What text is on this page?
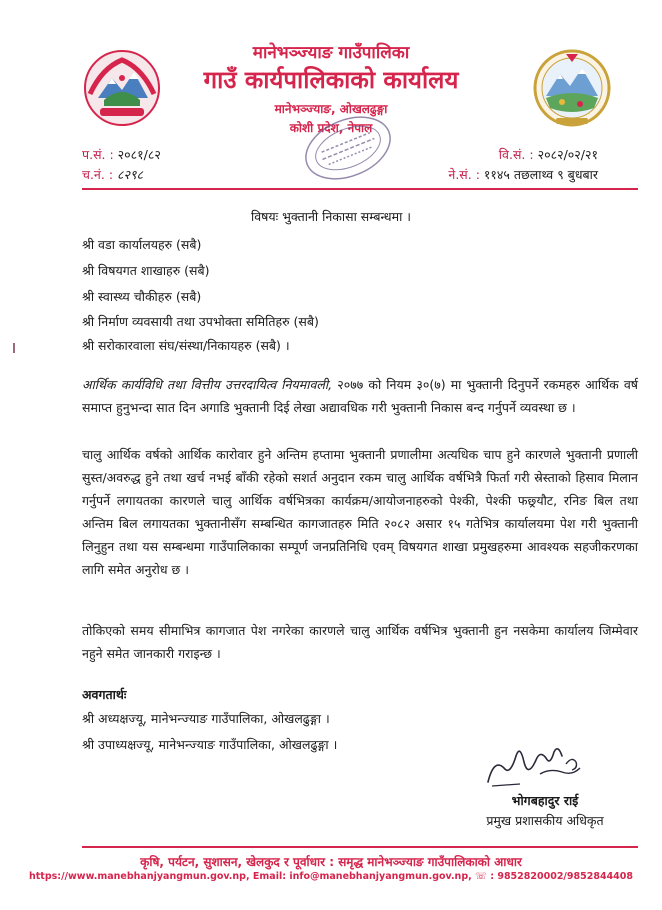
मानेभञ्ज्याङ गाउँपालिका
गाउँ कार्यपालिकाको कार्यालय
मानेभञ्ज्याङ, ओखलढुङ्गा
कोशी प्रदेश, नेपाल
प.सं. : २०८१/८२
च.नं. : ८२९८
वि.सं. : २०८२/०२/२१
ने.सं. : ११४५ तछलाथ्व ९ बुधबार
विषयः भुक्तानी निकासा सम्बन्धमा ।
श्री वडा कार्यालयहरु (सबै)
श्री विषयगत शाखाहरु (सबै)
श्री स्वास्थ्य चौकीहरु (सबै)
श्री निर्माण व्यवसायी तथा उपभोक्ता समितिहरु (सबै)
श्री सरोकारवाला संघ/संस्था/निकायहरु (सबै) ।

आर्थिक कार्यविधि तथा वित्तीय उत्तरदायित्व नियमावली, २०७७ को नियम ३०(७) मा भुक्तानी दिनुपर्ने रकमहरु आर्थिक वर्ष समाप्त हुनुभन्दा सात दिन अगाडि भुक्तानी दिई लेखा अद्यावधिक गरी भुक्तानी निकास बन्द गर्नुपर्ने व्यवस्था छ ।

चालु आर्थिक वर्षको आर्थिक कारोवार हुने अन्तिम हप्तामा भुक्तानी प्रणालीमा अत्यधिक चाप हुने कारणले भुक्तानी प्रणाली सुस्त/अवरुद्ध हुने तथा खर्च नभई बाँकी रहेको सशर्त अनुदान रकम चालु आर्थिक वर्षभित्रै फिर्ता गरी स्रेस्ताको हिसाव मिलान गर्नुपर्ने लगायतका कारणले चालु आर्थिक वर्षभित्रका कार्यक्रम/आयोजनाहरुको पेश्की, पेश्की फछ्र्यौट, रनिङ बिल तथा अन्तिम बिल लगायतका भुक्तानीसँग सम्बन्धित कागजातहरु मिति २०८२ असार १५ गतेभित्र कार्यालयमा पेश गरी भुक्तानी लिनुहुन तथा यस सम्बन्धमा गाउँपालिकाका सम्पूर्ण जनप्रतिनिधि एवम् विषयगत शाखा प्रमुखहरुमा आवश्यक सहजीकरणका लागि समेत अनुरोध छ ।

तोकिएको समय सीमाभित्र कागजात पेश नगरेका कारणले चालु आर्थिक वर्षभित्र भुक्तानी हुन नसकेमा कार्यालय जिम्मेवार नहुने समेत जानकारी गराइन्छ ।

अवगतार्थः
श्री अध्यक्षज्यू, मानेभन्ज्याङ गाउँपालिका, ओखलढुङ्गा ।
श्री उपाध्यक्षज्यू, मानेभन्ज्याङ गाउँपालिका, ओखलढुङ्गा ।
भोगबहादुर राई
प्रमुख प्रशासकीय अधिकृत
कृषि, पर्यटन, सुशासन, खेलकुद र पूर्वाधार : समृद्ध मानेभञ्ज्याङ गाउँपालिकाको आधार
https://www.manebhanjyangmun.gov.np, Email: info@manebhanjyangmun.gov.np, ☏ : 9852820002/9852844408
